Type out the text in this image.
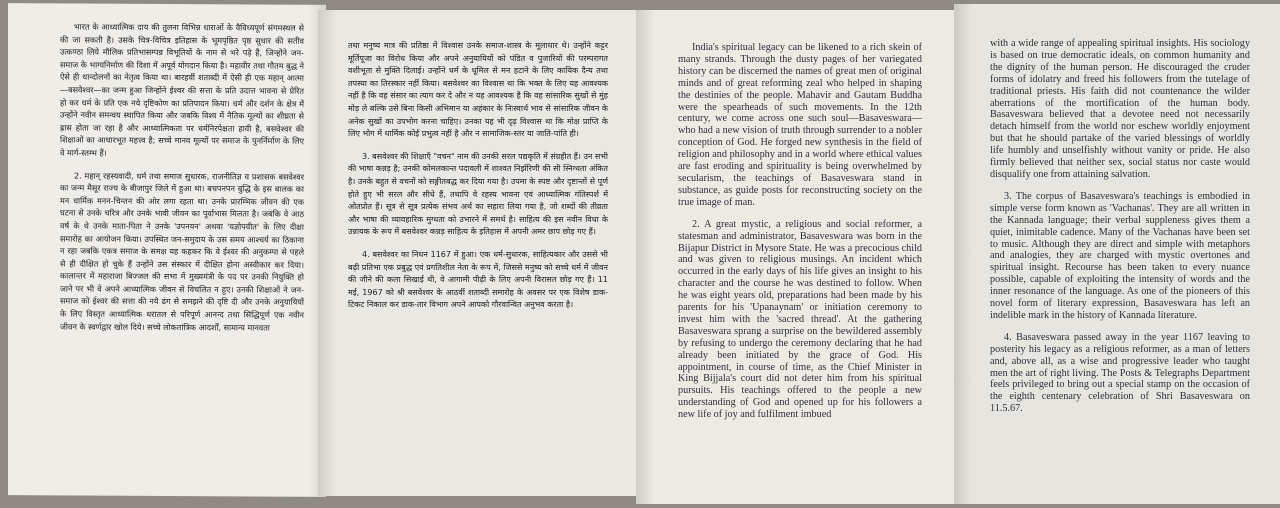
भारत के आध्यात्मिक दाय की तुलना विभिन्न धाराओं के वैविध्यपूर्ण संगमस्थल से की जा सकती है। उसके चित्र-विचित्र इतिहास के भूमपृष्ठित पृष्ठ सुधार की सतीव उत्कण्ठा लिये मौलिक प्रतिभासम्पन्न विभूतियों के नाम से भरे पड़े हैं, जिन्होंने जन-समाज के भाग्यनिर्माण की दिशा में अपूर्व योगदान किया है। महावीर तथा गौतम बुद्ध ने ऐसे ही धान्दोलनों का नेतृत्व किया था। बारहवीं शताब्दी में ऐसी ही एक महान् आत्मा—बसवेश्वर—का जन्म हुआ जिन्होंने ईश्वर की सत्ता के प्रति उदात्त भावना से प्रेरित हो कर धर्म के प्रति एक नये दृष्टिकोण का प्रतिपादन किया। धर्म और दर्शन के क्षेत्र में उन्होंने नवीन समन्वय स्थापित किया और जबकि विश्व में नैतिक मूल्यों का शीघ्रता से ह्रास होता जा रहा है और आध्यात्मिकता पर धर्मनिरपेक्षता हावी है, बसवेश्वर की शिक्षाओं का आधारभूत महत्त्व है; सच्चे मानव मूल्यों पर समाज के पुनर्निर्माण के लिए वे मार्ग-स्तम्भ हैं।

2. महान् रहस्यवादी, धर्म तथा समाज सुधारक, राजनीतिज्ञ व प्रशासक बसवेश्वर का जन्म मैसूर राज्य के बीजापुर जिले में हुआ था। बचपनपन बुद्धि के इस बालक का मन धार्मिक मनन-चिन्तन की ओर लगा रहता था। उनके प्रारम्भिक जीवन की एक घटना से उनके चरित्र और उनके भावी जीवन का पूर्वाभास मिलता है। जबकि वे आठ वर्ष के थे उनके माता-पिता ने उनके 'उपनयन' अथवा 'यज्ञोपवीत' के लिए दीक्षा समारोह का आयोजन किया। उपस्थित जन-समुदाय के उस समय आश्चर्य का ठिकाना न रहा जबकि एकत्र समाज के समक्ष यह कहकर कि वे ईश्वर की अनुकम्पा से पहले से ही दीक्षित हो चुके हैं उन्होंने उस संस्कार में दीक्षित होना अस्वीकार कर दिया। कालान्तर में महाराजा बिज्जल की सभा में मुख्यमंत्री के पद पर उनकी नियुक्ति हो जाने पर भी वे अपने आध्यात्मिक जीवन से विचलित न हुए। उनकी शिक्षाओं ने जन-समाज को ईश्वर की सत्ता की नये ढंग से समझने की दृष्टि दी और उनके अनुयायियों के लिए विस्तृत आध्यात्मिक धरातल से परिपूर्ण आनन्द तथा सिद्धिपूर्ण एक नवीन जीवन के स्वर्णद्वार खोल दिये। सच्चे लोकतांत्रिक आदर्शों, सामान्य मानवता

तथा मनुष्य मात्र की प्रतिष्ठा में विश्वास उनके समाज-शास्त्र के मूलाधार थे। उन्होंने कट्टर मूर्तिपूजा का विरोध किया और अपने अनुयायियों को पंडित व पुजारियों की परम्परागत वशीभूता से मुक्ति दिलाई। उन्होंने धर्म के धूमिल से मन हटाने के लिए कायिक दैन्य तथा तपस्या का तिरस्कार नहीं किया। बसवेश्वर का विश्वास था कि भक्त के लिए यह आवश्यक नहीं है कि वह संसार का त्याग कर दे और न यह आवश्यक है कि वह सांसारिक सुखों से मुंह मोड़ ले बल्कि उसे बिना किसी अभिमान या अहंकार के निःस्वार्थ भाव से सांसारिक जीवन के अनेक सुखों का उपभोग करना चाहिए। उनका यह भी दृढ़ विश्वास था कि मोक्ष प्राप्ति के लिए भोग में धार्मिक कोई प्रभुत्व नहीं है और न सामाजिक-स्तर या जाति-पांति ही।

3. बसवेश्वर की शिक्षाएँ "वचन" नाम की उनकी सरल पद्यकृति में संग्रहीत हैं। उन सभी की भाषा कन्नड़ है; उनकी कोमलकान्त पदावली में शाश्वत निर्झरिणी की सी स्निग्धता अंकित है। उनके बहुत से वचनों को सङ्गीतबद्ध कर दिया गया है। उपमा के स्पष्ट और दृष्टान्तों से पूर्ण होते हुए भी सरल और सीधे हैं, तथापि वे रहस्य भावना एवं आध्यात्मिक गंतिस्पर्श में ओतप्रोत हैं। सूत्र से सूत्र प्रत्येक संभव अर्थ का सहारा लिया गया है, जो शब्दों की तीव्रता और भाषा की व्यावहारिक मुग्धता को उभारने में समर्थ है। साहित्य की इस नवीन विधा के उन्नायक के रूप में बसवेश्वर कन्नड़ साहित्य के इतिहास में अपनी अमर छाप छोड़ गए हैं।

4. बसवेश्वर का निधन 1167 में हुआ। एक धर्म-सुधारक, साहित्यकार और उससे भी बढ़ी प्रतिभा एक प्रबुद्ध एवं प्रगतिशील नेता के रूप में, जिससे मनुष्य को सच्चे धर्म में जीवन की जीने की कला सिखाई थी, वे आगामी पीढ़ी के लिए अपनी विरासत छोड़ गए हैं। 11 मई, 1967 को श्री बसवेश्वर के आठवीं शताब्दी समारोह के अवसर पर एक विशेष डाक-टिकट निकाल कर डाक-तार विभाग अपने आपको गौरवान्वित अनुभव करता है।

India's spiritual legacy can be likened to a rich skein of many strands. Through the dusty pages of her variegated history can be discerned the names of great men of original minds and of great reforming zeal who helped in shaping the destinies of the people. Mahavir and Gautam Buddha were the spearheads of such movements. In the 12th century, we come across one such soul—Basaveswara—who had a new vision of truth through surrender to a nobler conception of God. He forged new synthesis in the field of religion and philosophy and in a world where ethical values are fast eroding and spirituality is being overwhelmed by secularism, the teachings of Basaveswara stand in substance, as guide posts for reconstructing society on the true image of man.

2. A great mystic, a religious and social reformer, a statesman and administrator, Basaveswara was born in the Bijapur District in Mysore State. He was a precocious child and was given to religious musings. An incident which occurred in the early days of his life gives an insight to his character and the course he was destined to follow. When he was eight years old, preparations had been made by his parents for his 'Upanaynam' or initiation ceremony to invest him with the 'sacred thread'. At the gathering Basaveswara sprang a surprise on the bewildered assembly by refusing to undergo the ceremony declaring that he had already been initiated by the grace of God. His appointment, in course of time, as the Chief Minister in King Bijjala's court did not deter him from his spiritual pursuits. His teachings offered to the people a new understanding of God and opened up for his followers a new life of joy and fulfilment imbued

with a wide range of appealing spiritual insights. His sociology is based on true democratic ideals, on common humanity and the dignity of the human person. He discouraged the cruder forms of idolatry and freed his followers from the tutelage of traditional priests. His faith did not countenance the wilder aberrations of the mortification of the human body. Basaveswara believed that a devotee need not necessarily detach himself from the world nor eschew worldly enjoyment but that he should partake of the varied blessings of worldly life humbly and unselfishly without vanity or pride. He also firmly believed that neither sex, social status nor caste would disqualify one from attaining salvation.

3. The corpus of Basaveswara's teachings is embodied in simple verse form known as 'Vachanas'. They are all written in the Kannada language; their verbal suppleness gives them a quiet, inimitable cadence. Many of the Vachanas have been set to music. Although they are direct and simple with metaphors and analogies, they are charged with mystic overtones and spiritual insight. Recourse has been taken to every nuance possible, capable of exploiting the intensity of words and the inner resonance of the language. As one of the pioneers of this novel form of literary expression, Basaveswara has left an indelible mark in the history of Kannada literature.

4. Basaveswara passed away in the year 1167 leaving to posterity his legacy as a religious reformer, as a man of letters and, above all, as a wise and progressive leader who taught men the art of right living. The Posts & Telegraphs Department feels privileged to bring out a special stamp on the occasion of the eighth centenary celebration of Shri Basaveswara on 11.5.67.
